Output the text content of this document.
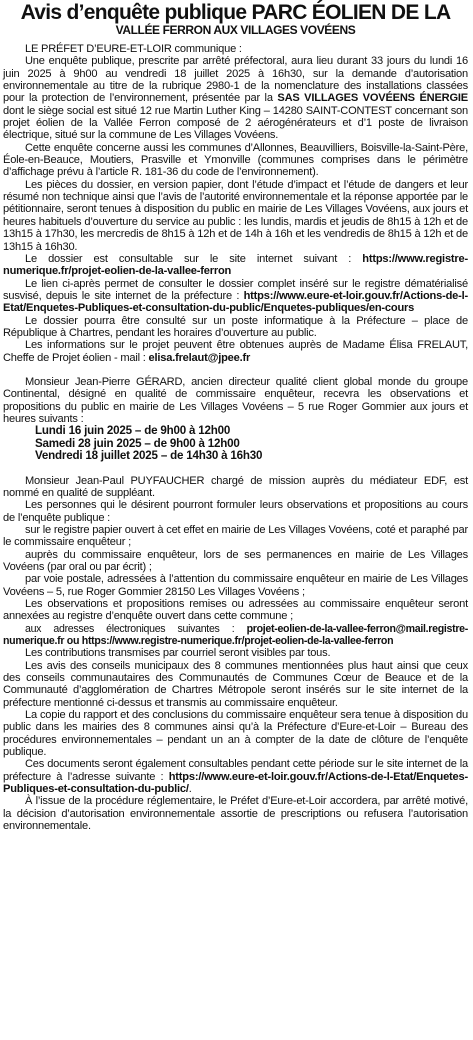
Avis d’enquête publique PARC ÉOLIEN DE LA
VALLÉE FERRON AUX VILLAGES VOVÉENS

LE PRÉFET D’EURE-ET-LOIR communique :

Une enquête publique, prescrite par arrêté préfectoral, aura lieu durant 33 jours du lundi 16 juin 2025 à 9h00 au vendredi 18 juillet 2025 à 16h30, sur la demande d’autorisation environnementale au titre de la rubrique 2980-1 de la nomenclature des installations classées pour la protection de l’environnement, présentée par la SAS VILLAGES VOVÉENS ÉNERGIE dont le siège social est situé 12 rue Martin Luther King – 14280 SAINT-CONTEST concernant son projet éolien de la Vallée Ferron composé de 2 aérogénérateurs et d’1 poste de livraison électrique, situé sur la commune de Les Villages Vovéens.

Cette enquête concerne aussi les communes d’Allonnes, Beauvilliers, Boisville-la-Saint-Père, Éole-en-Beauce, Moutiers, Prasville et Ymonville (communes comprises dans le périmètre d’affichage prévu à l’article R. 181-36 du code de l’environnement).

Les pièces du dossier, en version papier, dont l’étude d’impact et l’étude de dangers et leur résumé non technique ainsi que l’avis de l’autorité environnementale et la réponse apportée par le pétitionnaire, seront tenues à disposition du public en mairie de Les Villages Vovéens, aux jours et heures habituels d’ouverture du service au public : les lundis, mardis et jeudis de 8h15 à 12h et de 13h15 à 17h30, les mercredis de 8h15 à 12h et de 14h à 16h et les vendredis de 8h15 à 12h et de 13h15 à 16h30.

Le dossier est consultable sur le site internet suivant : https://www.registre-numerique.fr/projet-eolien-de-la-vallee-ferron

Le lien ci-après permet de consulter le dossier complet inséré sur le registre dématérialisé susvisé, depuis le site internet de la préfecture : https://www.eure-et-loir.gouv.fr/Actions-de-l-Etat/Enquetes-Publiques-et-consultation-du-public/Enquetes-publiques/en-cours

Le dossier pourra être consulté sur un poste informatique à la Préfecture – place de République à Chartres, pendant les horaires d’ouverture au public.

Les informations sur le projet peuvent être obtenues auprès de Madame Élisa FRELAUT, Cheffe de Projet éolien - mail : elisa.frelaut@jpee.fr

Monsieur Jean-Pierre GÉRARD, ancien directeur qualité client global monde du groupe Continental, désigné en qualité de commissaire enquêteur, recevra les observations et propositions du public en mairie de Les Villages Vovéens – 5 rue Roger Gommier aux jours et heures suivants :

Lundi 16 juin 2025 – de 9h00 à 12h00
Samedi 28 juin 2025 – de 9h00 à 12h00
Vendredi 18 juillet 2025 – de 14h30 à 16h30

Monsieur Jean-Paul PUYFAUCHER chargé de mission auprès du médiateur EDF, est nommé en qualité de suppléant.

Les personnes qui le désirent pourront formuler leurs observations et propositions au cours de l’enquête publique :

sur le registre papier ouvert à cet effet en mairie de Les Villages Vovéens, coté et paraphé par le commissaire enquêteur ;

auprès du commissaire enquêteur, lors de ses permanences en mairie de Les Villages Vovéens (par oral ou par écrit) ;

par voie postale, adressées à l’attention du commissaire enquêteur en mairie de Les Villages Vovéens – 5, rue Roger Gommier 28150 Les Villages Vovéens ;

Les observations et propositions remises ou adressées au commissaire enquêteur seront annexées au registre d’enquête ouvert dans cette commune ;

aux adresses électroniques suivantes : projet-eolien-de-la-vallee-ferron@mail.registre-numerique.fr ou https://www.registre-numerique.fr/projet-eolien-de-la-vallee-ferron

Les contributions transmises par courriel seront visibles par tous.

Les avis des conseils municipaux des 8 communes mentionnées plus haut ainsi que ceux des conseils communautaires des Communautés de Communes Cœur de Beauce et de la Communauté d’agglomération de Chartres Métropole seront insérés sur le site internet de la préfecture mentionné ci-dessus et transmis au commissaire enquêteur.

La copie du rapport et des conclusions du commissaire enquêteur sera tenue à disposition du public dans les mairies des 8 communes ainsi qu’à la Préfecture d’Eure-et-Loir – Bureau des procédures environnementales – pendant un an à compter de la date de clôture de l’enquête publique.

Ces documents seront également consultables pendant cette période sur le site internet de la préfecture à l’adresse suivante : https://www.eure-et-loir.gouv.fr/Actions-de-l-Etat/Enquetes-Publiques-et-consultation-du-public/.

À l’issue de la procédure réglementaire, le Préfet d’Eure-et-Loir accordera, par arrêté motivé, la décision d’autorisation environnementale assortie de prescriptions ou refusera l’autorisation environnementale.
